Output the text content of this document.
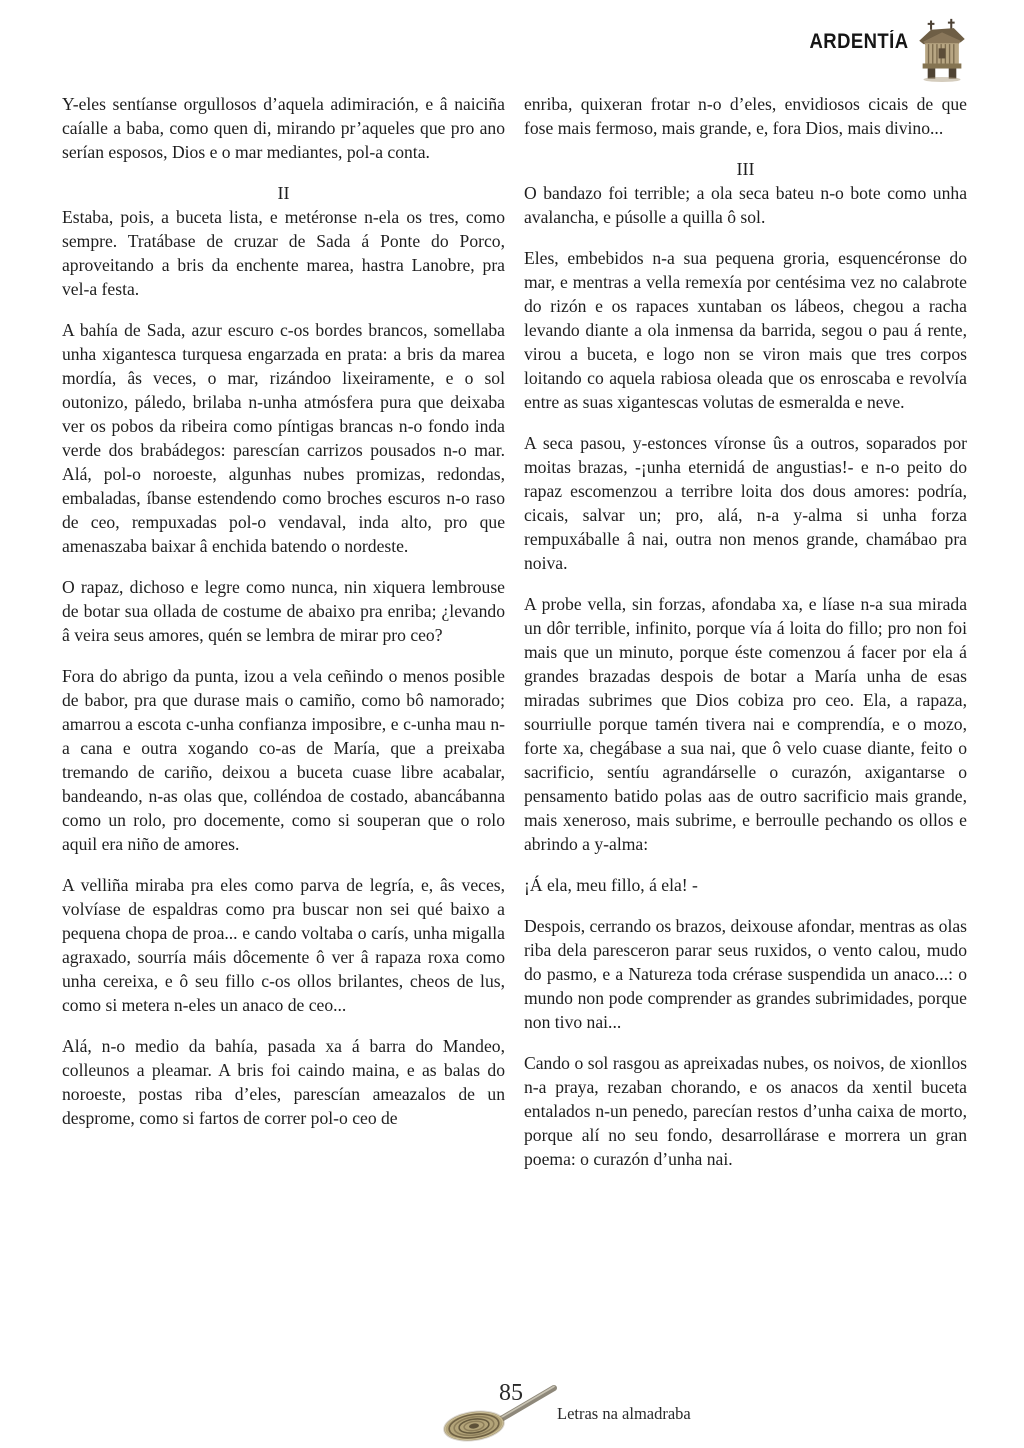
ARDENTÍA

Y-eles sentíanse orgullosos d’aquela adimiración, e â naiciña caíalle a baba, como quen di, mirando pr’aqueles que pro ano serían esposos, Dios e o mar mediantes, pol-a conta.

II

Estaba, pois, a buceta lista, e metéronse n-ela os tres, como sempre. Tratábase de cruzar de Sada á Ponte do Porco, aproveitando a bris da enchente marea, hastra Lanobre, pra vel-a festa.

A bahía de Sada, azur escuro c-os bordes brancos, somellaba unha xigantesca turquesa engarzada en prata: a bris da marea mordía, âs veces, o mar, rizándoo lixeiramente, e o sol outonizo, páledo, brilaba n-unha atmósfera pura que deixaba ver os pobos da ribeira como píntigas brancas n-o fondo inda verde dos brabádegos: parescían carrizos pousados n-o mar. Alá, pol-o noroeste, algunhas nubes promizas, redondas, embaladas, íbanse estendendo como broches escuros n-o raso de ceo, rempuxadas pol-o vendaval, inda alto, pro que amenaszaba baixar â enchida batendo o nordeste.

O rapaz, dichoso e legre como nunca, nin xiquera lembrouse de botar sua ollada de costume de abaixo pra enriba; ¿levando â veira seus amores, quén se lembra de mirar pro ceo?

Fora do abrigo da punta, izou a vela ceñindo o menos posible de babor, pra que durase mais o camiño, como bô namorado; amarrou a escota c-unha confianza imposibre, e c-unha mau n-a cana e outra xogando co-as de María, que a preixaba tremando de cariño, deixou a buceta cuase libre acabalar, bandeando, n-as olas que, colléndoa de costado, abancábanna como un rolo, pro docemente, como si souperan que o rolo aquil era niño de amores.

A velliña miraba pra eles como parva de legría, e, âs veces, volvíase de espaldras como pra buscar non sei qué baixo a pequena chopa de proa... e cando voltaba o carís, unha migalla agraxado, sourría máis dôcemente ô ver â rapaza roxa como unha cereixa, e ô seu fillo c-os ollos brilantes, cheos de lus, como si metera n-eles un anaco de ceo...

Alá, n-o medio da bahía, pasada xa á barra do Mandeo, colleunos a pleamar. A bris foi caindo maina, e as balas do noroeste, postas riba d’eles, parescían ameazalos de un desprome, como si fartos de correr pol-o ceo de

enriba, quixeran frotar n-o d’eles, envidiosos cicais de que fose mais fermoso, mais grande, e, fora Dios, mais divino...

III

O bandazo foi terrible; a ola seca bateu n-o bote como unha avalancha, e púsolle a quilla ô sol.

Eles, embebidos n-a sua pequena groria, esquencéronse do mar, e mentras a vella remexía por centésima vez no calabrote do rizón e os rapaces xuntaban os lábeos, chegou a racha levando diante a ola inmensa da barrida, segou o pau á rente, virou a buceta, e logo non se viron mais que tres corpos loitando co aquela rabiosa oleada que os enroscaba e revolvía entre as suas xigantescas volutas de esmeralda e neve.

A seca pasou, y-estonces víronse ûs a outros, soparados por moitas brazas, -¡unha eternidá de angustias!- e n-o peito do rapaz escomenzou a terribre loita dos dous amores: podría, cicais, salvar un; pro, alá, n-a y-alma si unha forza rempuxáballe â nai, outra non menos grande, chamábao pra noiva.

A probe vella, sin forzas, afondaba xa, e líase n-a sua mirada un dôr terrible, infinito, porque vía á loita do fillo; pro non foi mais que un minuto, porque éste comenzou á facer por ela á grandes brazadas despois de botar a María unha de esas miradas subrimes que Dios cobiza pro ceo. Ela, a rapaza, sourriulle porque tamén tivera nai e comprendía, e o mozo, forte xa, chegábase a sua nai, que ô velo cuase diante, feito o sacrificio, sentíu agrandárselle o curazón, axigantarse o pensamento batido polas aas de outro sacrificio mais grande, mais xeneroso, mais subrime, e berroulle pechando os ollos e abrindo a y-alma:

¡Á ela, meu fillo, á ela! -

Despois, cerrando os brazos, deixouse afondar, mentras as olas riba dela paresceron parar seus ruxidos, o vento calou, mudo do pasmo, e a Natureza toda crérase suspendida un anaco...: o mundo non pode comprender as grandes subrimidades, porque non tivo nai...

Cando o sol rasgou as apreixadas nubes, os noivos, de xionllos n-a praya, rezaban chorando, e os anacos da xentil buceta entalados n-un penedo, parecían restos d’unha caixa de morto, porque alí no seu fondo, desarrollárase e morrera un gran poema: o curazón d’unha nai.

85
Letras na almadraba
